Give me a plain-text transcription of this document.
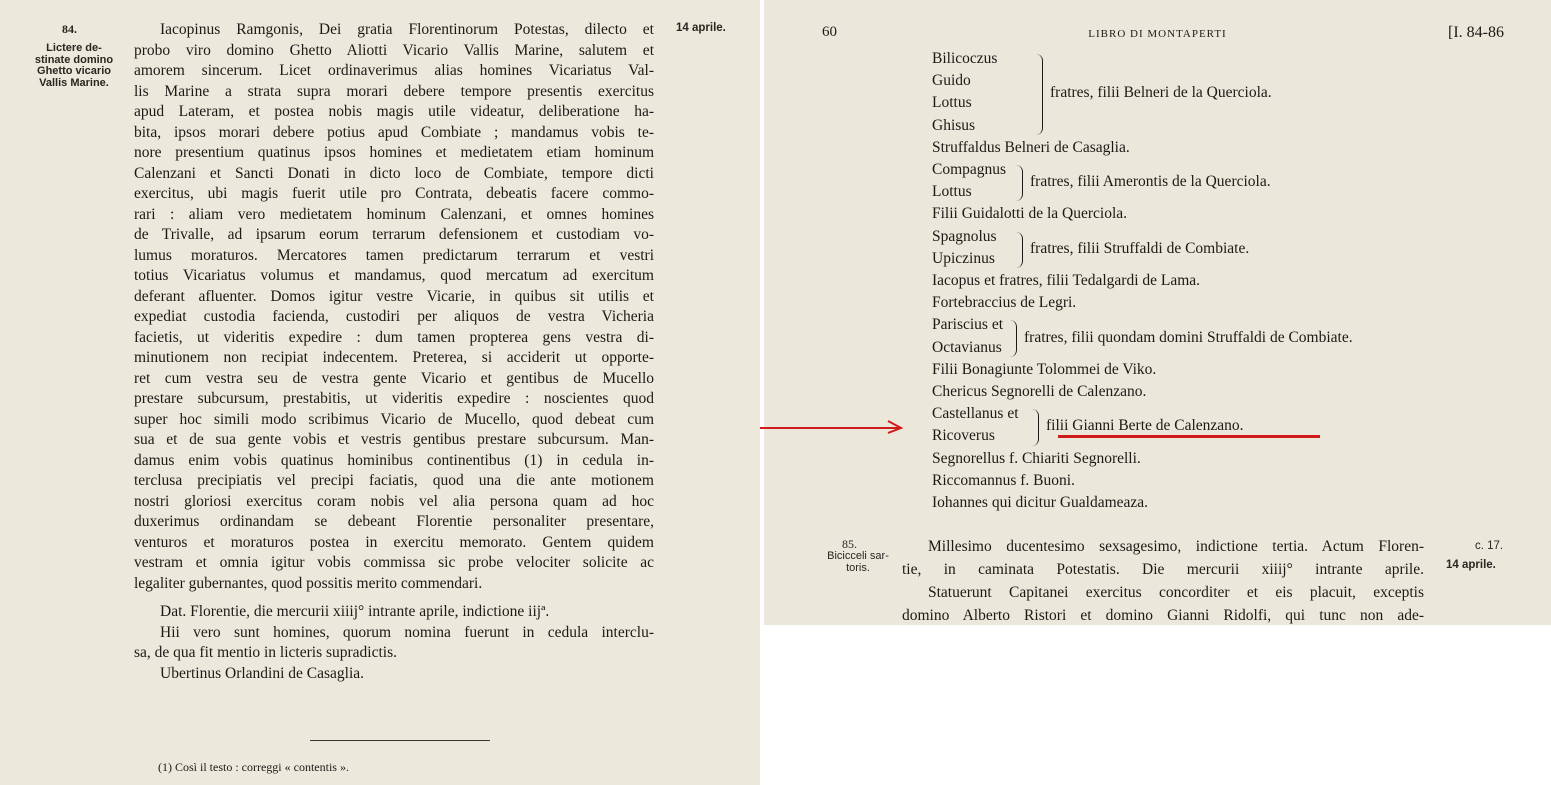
84.	14 aprile.
Lictere de-
stinate domino
Ghetto vicario
Vallis Marine.
Iacopinus Ramgonis, Dei gratia Florentinorum Potestas, dilecto et
probo viro domino Ghetto Aliotti Vicario Vallis Marine, salutem et
amorem sincerum. Licet ordinaverimus alias homines Vicariatus Val-
lis Marine a strata supra morari debere tempore presentis exercitus
apud Lateram, et postea nobis magis utile videatur, deliberatione ha-
bita, ipsos morari debere potius apud Combiate ; mandamus vobis te-
nore presentium quatinus ipsos homines et medietatem etiam hominum
Calenzani et Sancti Donati in dicto loco de Combiate, tempore dicti
exercitus, ubi magis fuerit utile pro Contrata, debeatis facere commo-
rari : aliam vero medietatem hominum Calenzani, et omnes homines
de Trivalle, ad ipsarum eorum terrarum defensionem et custodiam vo-
lumus moraturos. Mercatores tamen predictarum terrarum et vestri
totius Vicariatus volumus et mandamus, quod mercatum ad exercitum
deferant afluenter. Domos igitur vestre Vicarie, in quibus sit utilis et
expediat custodia facienda, custodiri per aliquos de vestra Vicheria
facietis, ut videritis expedire : dum tamen propterea gens vestra di-
minutionem non recipiat indecentem. Preterea, si acciderit ut opporte-
ret cum vestra seu de vestra gente Vicario et gentibus de Mucello
prestare subcursum, prestabitis, ut videritis expedire : noscientes quod
super hoc simili modo scribimus Vicario de Mucello, quod debeat cum
sua et de sua gente vobis et vestris gentibus prestare subcursum. Man-
damus enim vobis quatinus hominibus continentibus (1) in cedula in-
terclusa precipiatis vel precipi faciatis, quod una die ante motionem
nostri gloriosi exercitus coram nobis vel alia persona quam ad hoc
duxerimus ordinandam se debeant Florentie personaliter presentare,
venturos et moraturos postea in exercitu memorato. Gentem quidem
vestram et omnia igitur vobis commissa sic probe velociter solicite ac
legaliter gubernantes, quod possitis merito commendari.
Dat. Florentie, die mercurii xiiij° intrante aprile, indictione iijª.
Hii vero sunt homines, quorum nomina fuerunt in cedula interclu-
sa, de qua fit mentio in licteris supradictis.
Ubertinus Orlandini de Casaglia.
(1) Così il testo : correggi « contentis ».
60	LIBRO DI MONTAPERTI	[I. 84-86
Bilicoczus
Guido
Lottus
Ghisus
fratres, filii Belneri de la Querciola.
Struffaldus Belneri de Casaglia.
Compagnus
Lottus
fratres, filii Amerontis de la Querciola.
Filii Guidalotti de la Querciola.
Spagnolus
Upiczinus
fratres, filii Struffaldi de Combiate.
Iacopus et fratres, filii Tedalgardi de Lama.
Fortebraccius de Legri.
Pariscius et
Octavianus
fratres, filii quondam domini Struffaldi de Combiate.
Filii Bonagiunte Tolommei de Viko.
Chericus Segnorelli de Calenzano.
Castellanus et
Ricoverus
filii Gianni Berte de Calenzano.
Segnorellus f. Chiariti Segnorelli.
Riccomannus f. Buoni.
Iohannes qui dicitur Gualdameaza.
85.
Bicicceli sar-
toris.
c. 17.
14 aprile.
Millesimo ducentesimo sexsagesimo, indictione tertia. Actum Floren-
tie, in caminata Potestatis. Die mercurii xiiij° intrante aprile.
Statuerunt Capitanei exercitus concorditer et eis placuit, exceptis
domino Alberto Ristori et domino Gianni Ridolfi, qui tunc non ade-
